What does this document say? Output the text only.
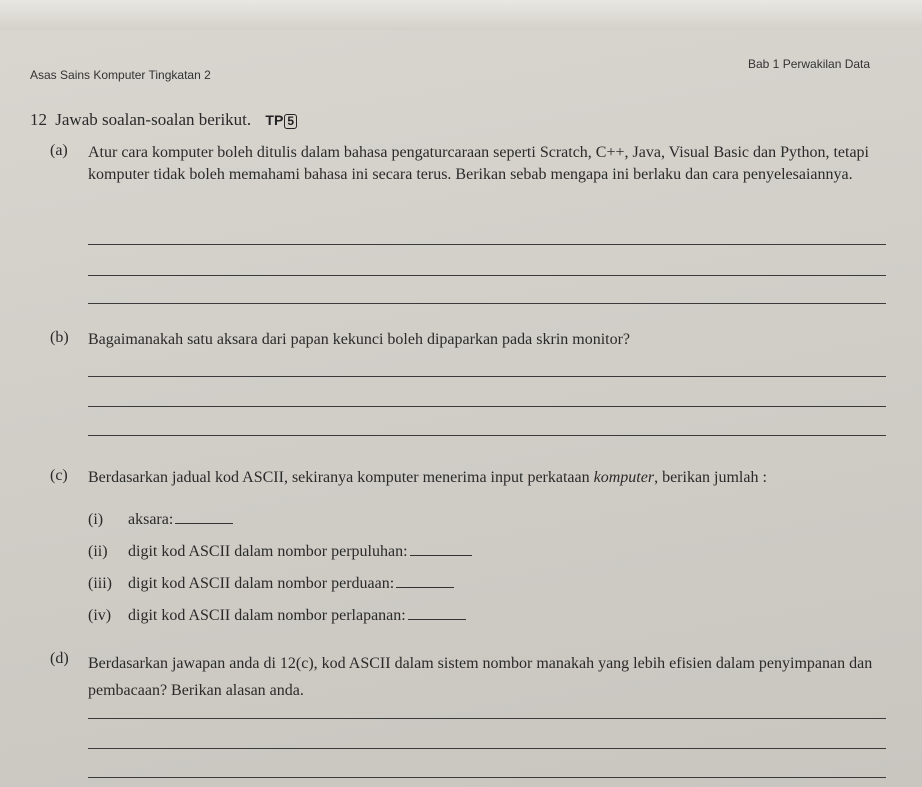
Asas Sains Komputer Tingkatan 2
Bab 1 Perwakilan Data
12 Jawab soalan-soalan berikut. TP 5
(a) Atur cara komputer boleh ditulis dalam bahasa pengaturcaraan seperti Scratch, C++, Java, Visual Basic dan Python, tetapi komputer tidak boleh memahami bahasa ini secara terus. Berikan sebab mengapa ini berlaku dan cara penyelesaiannya.
(b) Bagaimanakah satu aksara dari papan kekunci boleh dipaparkan pada skrin monitor?
(c) Berdasarkan jadual kod ASCII, sekiranya komputer menerima input perkataan komputer, berikan jumlah :
(i) aksara:
(ii) digit kod ASCII dalam nombor perpuluhan:
(iii) digit kod ASCII dalam nombor perduaan:
(iv) digit kod ASCII dalam nombor perlapanan:
(d) Berdasarkan jawapan anda di 12(c), kod ASCII dalam sistem nombor manakah yang lebih efisien dalam penyimpanan dan pembacaan? Berikan alasan anda.
